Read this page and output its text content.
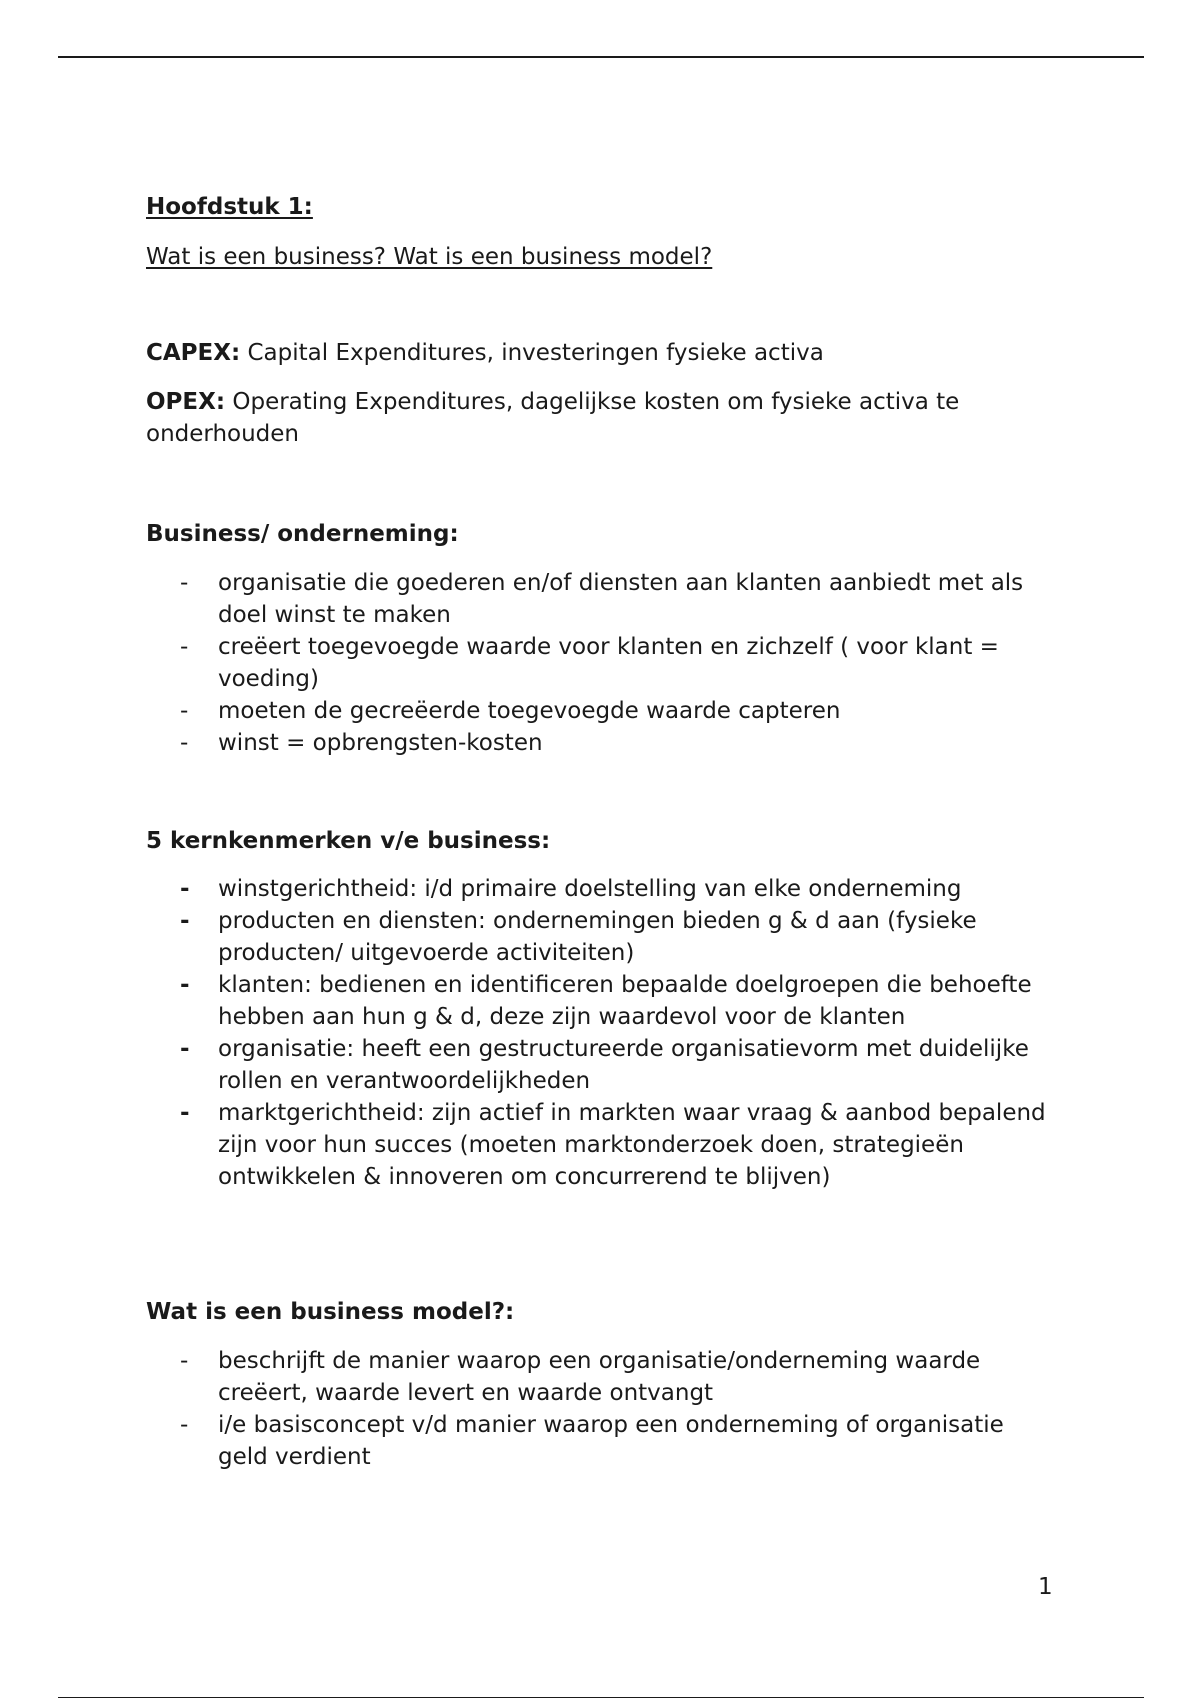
Hoofdstuk 1:

Wat is een business? Wat is een business model?

CAPEX: Capital Expenditures, investeringen fysieke activa

OPEX: Operating Expenditures, dagelijkse kosten om fysieke activa te onderhouden

Business/ onderneming:

- organisatie die goederen en/of diensten aan klanten aanbiedt met als doel winst te maken
- creëert toegevoegde waarde voor klanten en zichzelf ( voor klant = voeding)
- moeten de gecreëerde toegevoegde waarde capteren
- winst = opbrengsten-kosten

5 kernkenmerken v/e business:

- winstgerichtheid: i/d primaire doelstelling van elke onderneming
- producten en diensten: ondernemingen bieden g & d aan (fysieke producten/ uitgevoerde activiteiten)
- klanten: bedienen en identificeren bepaalde doelgroepen die behoefte hebben aan hun g & d, deze zijn waardevol voor de klanten
- organisatie: heeft een gestructureerde organisatievorm met duidelijke rollen en verantwoordelijkheden
- marktgerichtheid: zijn actief in markten waar vraag & aanbod bepalend zijn voor hun succes (moeten marktonderzoek doen, strategieën ontwikkelen & innoveren om concurrerend te blijven)

Wat is een business model?:

- beschrijft de manier waarop een organisatie/onderneming waarde creëert, waarde levert en waarde ontvangt
- i/e basisconcept v/d manier waarop een onderneming of organisatie geld verdient
1
